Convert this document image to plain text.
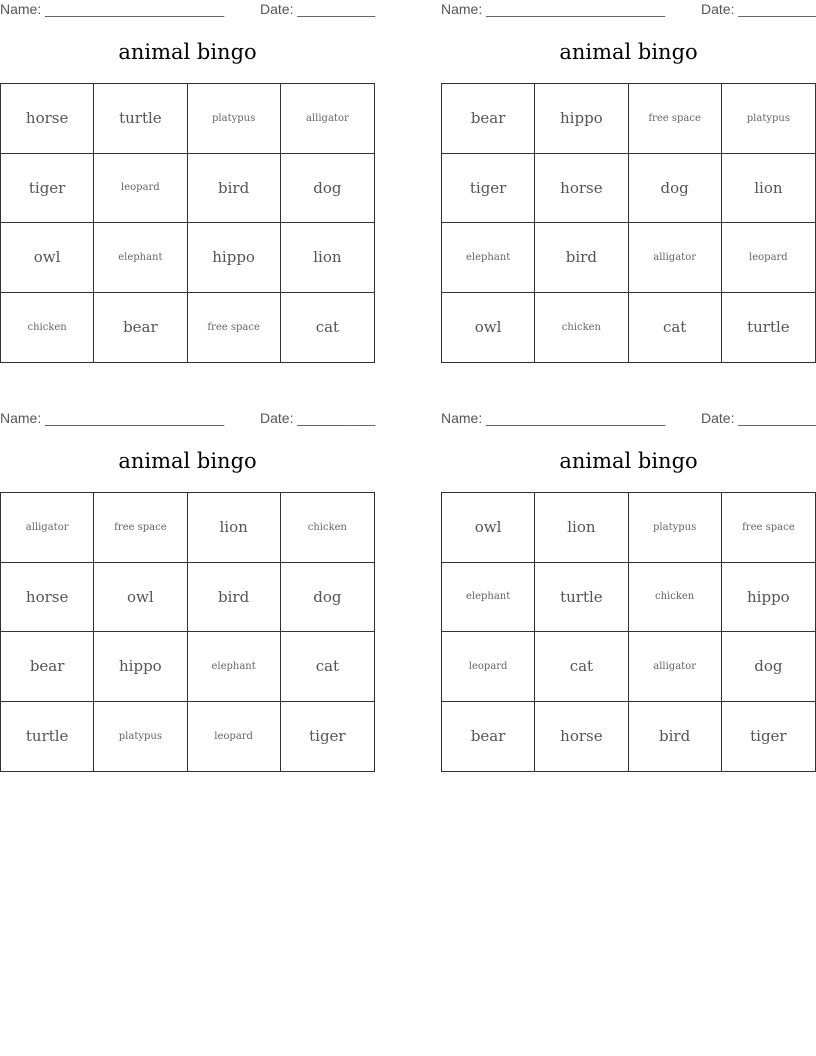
Name: _______________________	Date: __________
animal bingo
horse	turtle	platypus	alligator
tiger	leopard	bird	dog
owl	elephant	hippo	lion
chicken	bear	free space	cat
Name: _______________________	Date: __________
animal bingo
bear	hippo	free space	platypus
tiger	horse	dog	lion
elephant	bird	alligator	leopard
owl	chicken	cat	turtle
Name: _______________________	Date: __________
animal bingo
alligator	free space	lion	chicken
horse	owl	bird	dog
bear	hippo	elephant	cat
turtle	platypus	leopard	tiger
Name: _______________________	Date: __________
animal bingo
owl	lion	platypus	free space
elephant	turtle	chicken	hippo
leopard	cat	alligator	dog
bear	horse	bird	tiger
